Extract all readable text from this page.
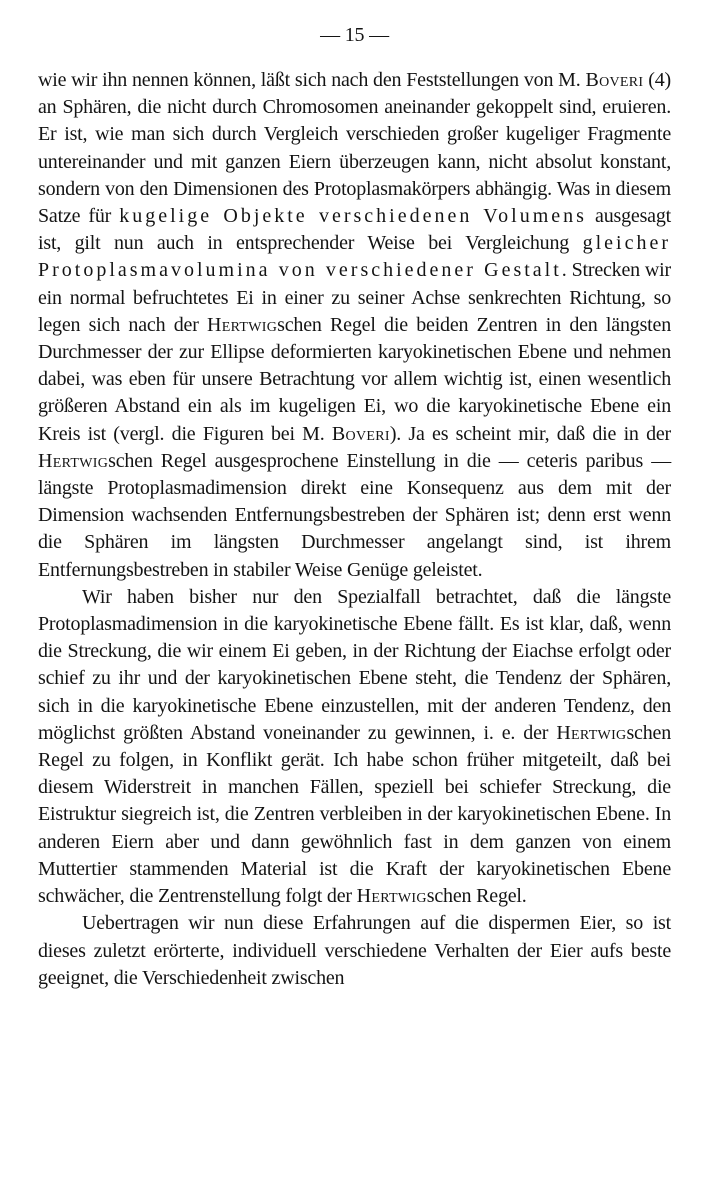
— 15 —

wie wir ihn nennen können, läßt sich nach den Feststellungen von M. Boveri (4) an Sphären, die nicht durch Chromosomen aneinander gekoppelt sind, eruieren. Er ist, wie man sich durch Vergleich verschieden großer kugeliger Fragmente untereinander und mit ganzen Eiern überzeugen kann, nicht absolut konstant, sondern von den Dimensionen des Protoplasmakörpers abhängig. Was in diesem Satze für kugelige Objekte verschiedenen Volumens ausgesagt ist, gilt nun auch in entsprechender Weise bei Vergleichung gleicher Protoplasmavolumina von verschiedener Gestalt. Strecken wir ein normal befruchtetes Ei in einer zu seiner Achse senkrechten Richtung, so legen sich nach der Hertwigschen Regel die beiden Zentren in den längsten Durchmesser der zur Ellipse deformierten karyokinetischen Ebene und nehmen dabei, was eben für unsere Betrachtung vor allem wichtig ist, einen wesentlich größeren Abstand ein als im kugeligen Ei, wo die karyokinetische Ebene ein Kreis ist (vergl. die Figuren bei M. Boveri). Ja es scheint mir, daß die in der Hertwigschen Regel ausgesprochene Einstellung in die — ceteris paribus — längste Protoplasmadimension direkt eine Konsequenz aus dem mit der Dimension wachsenden Entfernungsbestreben der Sphären ist; denn erst wenn die Sphären im längsten Durchmesser angelangt sind, ist ihrem Entfernungsbestreben in stabiler Weise Genüge geleistet.

Wir haben bisher nur den Spezialfall betrachtet, daß die längste Protoplasmadimension in die karyokinetische Ebene fällt. Es ist klar, daß, wenn die Streckung, die wir einem Ei geben, in der Richtung der Eiachse erfolgt oder schief zu ihr und der karyokinetischen Ebene steht, die Tendenz der Sphären, sich in die karyokinetische Ebene einzustellen, mit der anderen Tendenz, den möglichst größten Abstand voneinander zu gewinnen, i. e. der Hertwigschen Regel zu folgen, in Konflikt gerät. Ich habe schon früher mitgeteilt, daß bei diesem Widerstreit in manchen Fällen, speziell bei schiefer Streckung, die Eistruktur siegreich ist, die Zentren verbleiben in der karyokinetischen Ebene. In anderen Eiern aber und dann gewöhnlich fast in dem ganzen von einem Muttertier stammenden Material ist die Kraft der karyokinetischen Ebene schwächer, die Zentrenstellung folgt der Hertwigschen Regel.

Uebertragen wir nun diese Erfahrungen auf die dispermen Eier, so ist dieses zuletzt erörterte, individuell verschiedene Verhalten der Eier aufs beste geeignet, die Verschiedenheit zwischen
